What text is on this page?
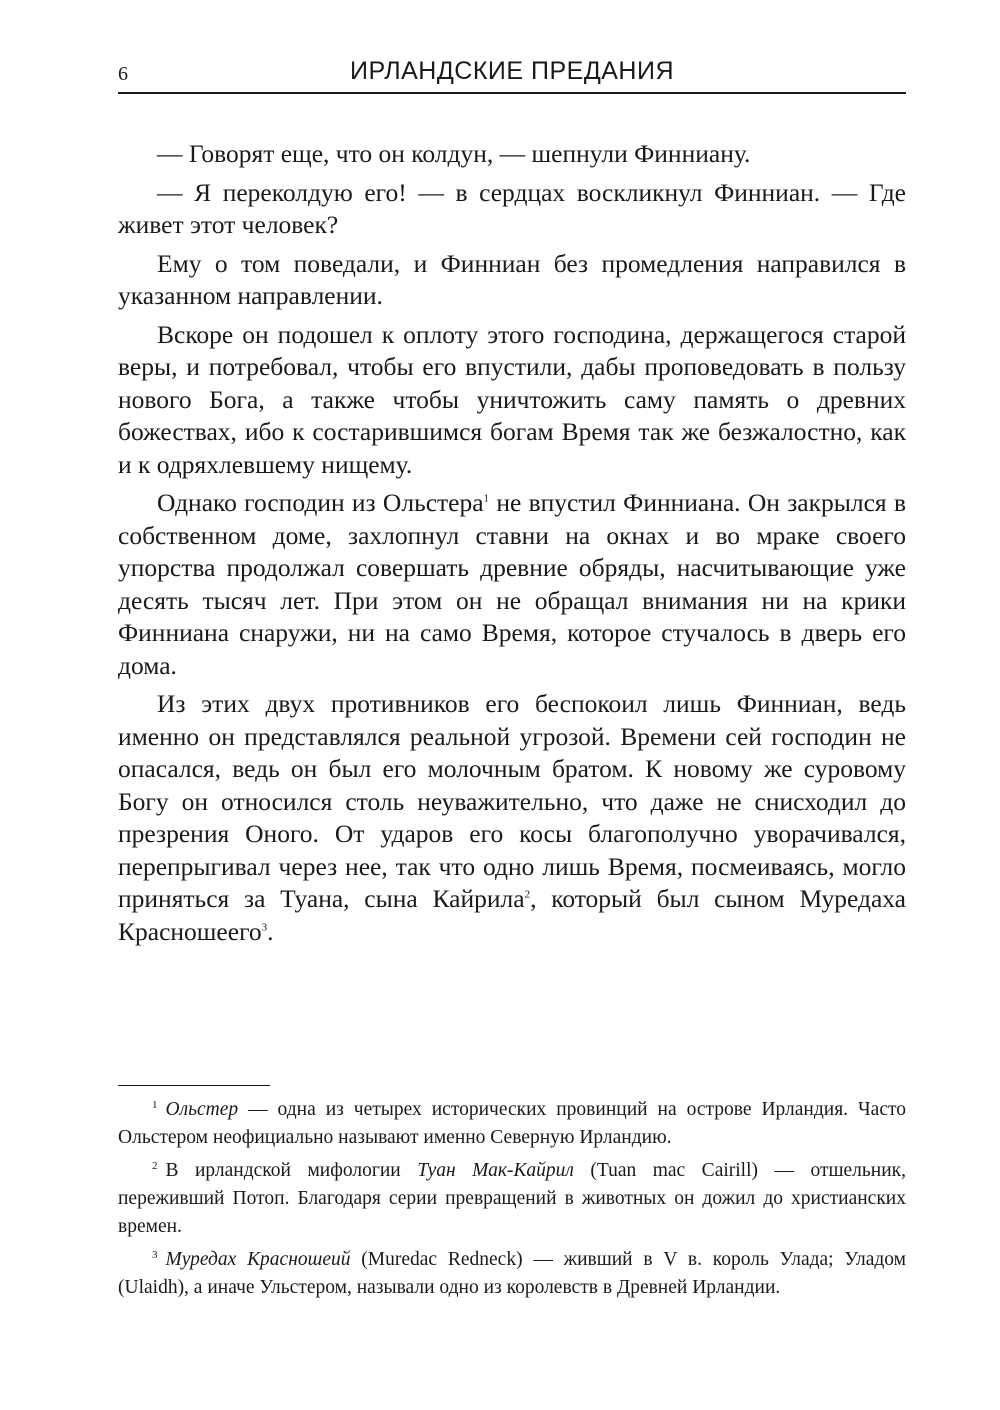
6	ИРЛАНДСКИЕ ПРЕДАНИЯ

— Говорят еще, что он колдун, — шепнули Финниану.

— Я переколдую его! — в сердцах воскликнул Финниан. — Где живет этот человек?

Ему о том поведали, и Финниан без промедления направился в указанном направлении.

Вскоре он подошел к оплоту этого господина, держащегося старой веры, и потребовал, чтобы его впустили, дабы проповедовать в пользу нового Бога, а также чтобы уничтожить саму память о древних божествах, ибо к состарившимся богам Время так же безжалостно, как и к одряхлевшему нищему.

Однако господин из Ольстера$^1$ не впустил Финниана. Он закрылся в собственном доме, захлопнул ставни на окнах и во мраке своего упорства продолжал совершать древние обряды, насчитывающие уже десять тысяч лет. При этом он не обращал внимания ни на крики Финниана снаружи, ни на само Время, которое стучалось в дверь его дома.

Из этих двух противников его беспокоил лишь Финниан, ведь именно он представлялся реальной угрозой. Времени сей господин не опасался, ведь он был его молочным братом. К новому же суровому Богу он относился столь неуважительно, что даже не снисходил до презрения Оного. От ударов его косы благополучно уворачивался, перепрыгивал через нее, так что одно лишь Время, посмеиваясь, могло приняться за Туана, сына Кайрила$^2$, который был сыном Муредаха Красношеего$^3$.

$^1$ Ольстер — одна из четырех исторических провинций на острове Ирландия. Часто Ольстером неофициально называют именно Северную Ирландию.

$^2$ В ирландской мифологии Туан Мак-Кайрил (Tuan mac Cairill) — отшельник, переживший Потоп. Благодаря серии превращений в животных он дожил до христианских времен.

$^3$ Муредах Красношеий (Muredac Redneck) — живший в V в. король Улада; Уладом (Ulaidh), а иначе Ульстером, называли одно из королевств в Древней Ирландии.
